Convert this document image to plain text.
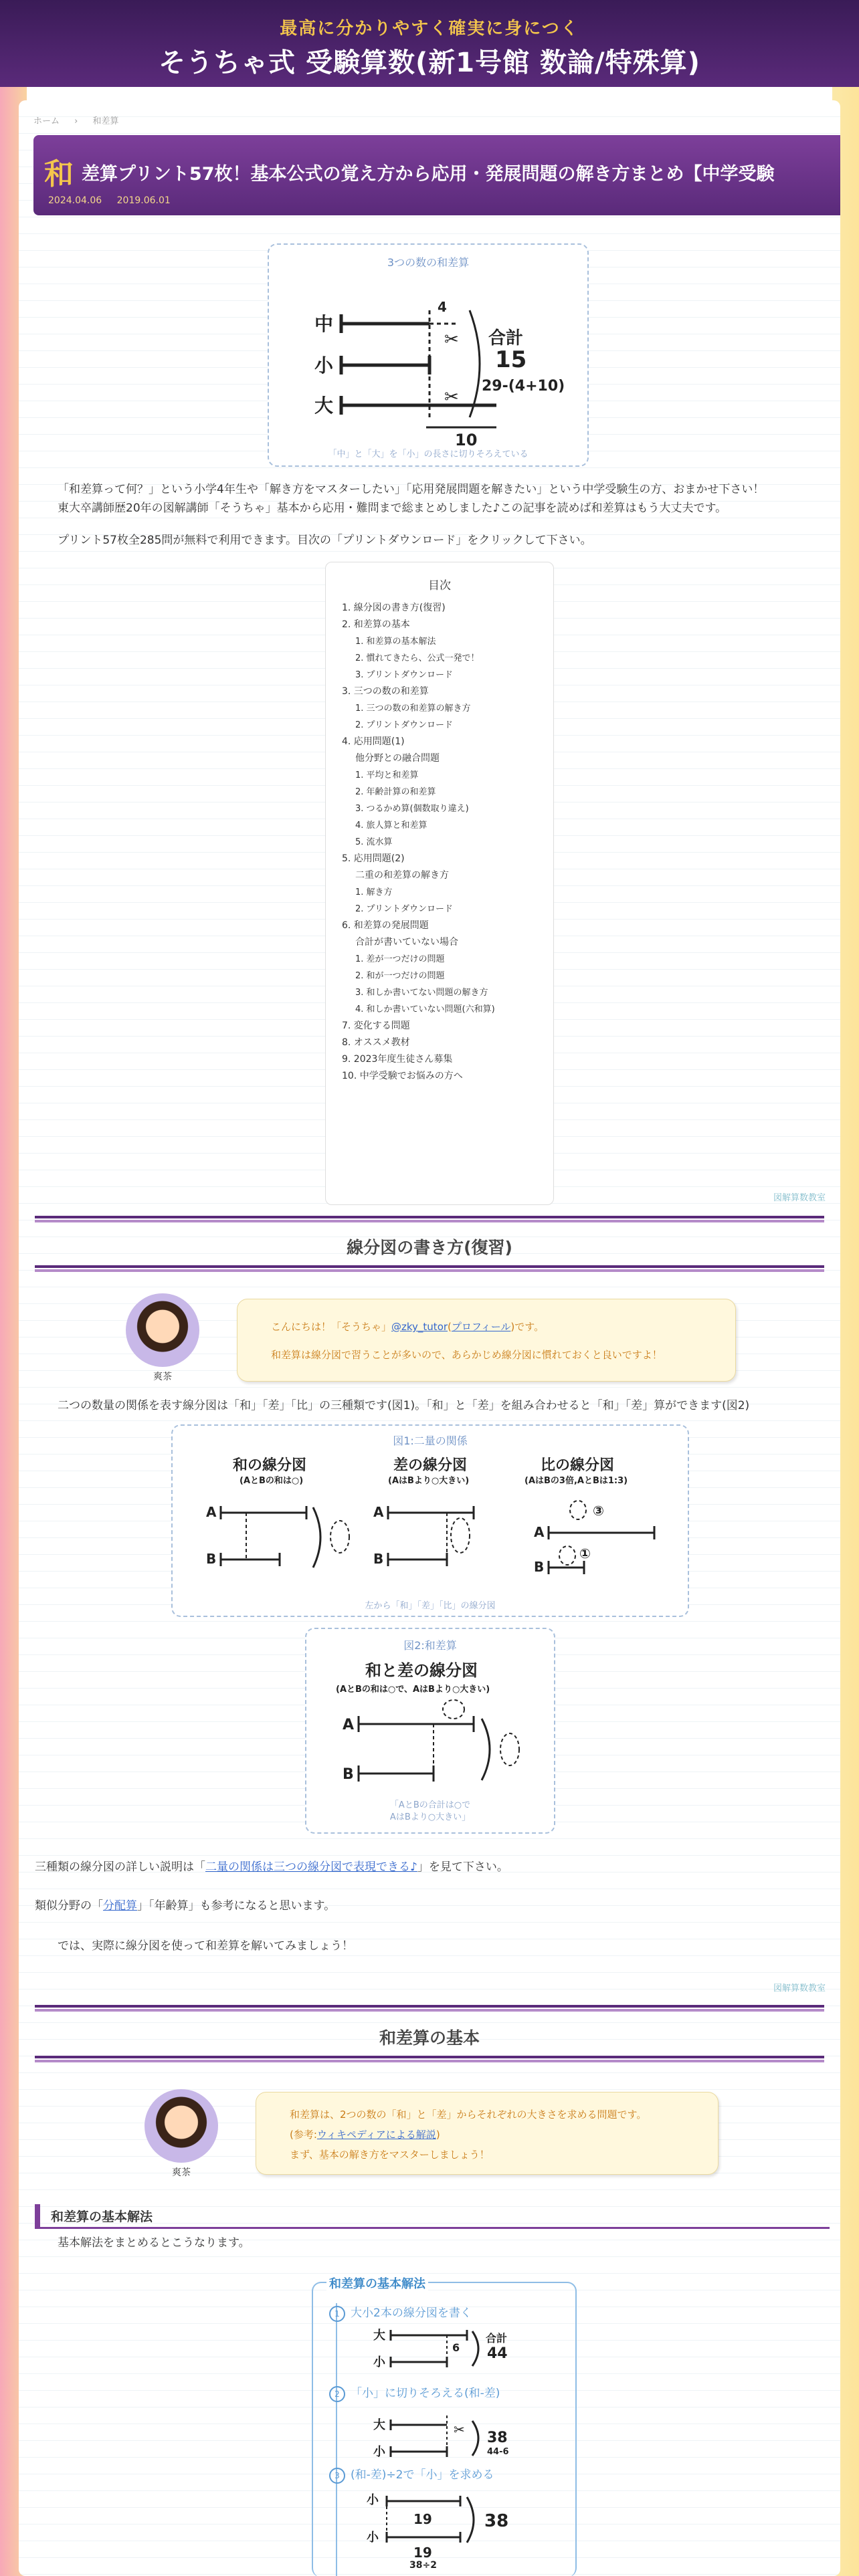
最高に分かりやすく確実に身につく
そうちゃ式 受験算数(新1号館 数論/特殊算)
ホーム › 和差算
和 差算プリント57枚！基本公式の覚え方から応用・発展問題の解き方まとめ【中学受験
2024.04.06 2019.06.01
3つの数の和差算
中
小
大
合計
15
29-(4+10)
4
10
✂
✂
「中」と「大」を「小」の長さに切りそろえている
「和差算って何？」という小学4年生や「解き方をマスターしたい」「応用発展問題を解きたい」という中学受験生の方、おまかせ下さい！
東大卒講師歴20年の図解講師「そうちゃ」基本から応用・難問まで総まとめしました♪この記事を読めば和差算はもう大丈夫です。
プリント57枚全285問が無料で利用できます。目次の「プリントダウンロード」をクリックして下さい。
目次
1. 線分図の書き方(復習)
2. 和差算の基本
1. 和差算の基本解法
2. 慣れてきたら、公式一発で！
3. プリントダウンロード
3. 三つの数の和差算
1. 三つの数の和差算の解き方
2. プリントダウンロード
4. 応用問題(1)
他分野との融合問題
1. 平均と和差算
2. 年齢計算の和差算
3. つるかめ算(個数取り違え)
4. 旅人算と和差算
5. 流水算
5. 応用問題(2)
二重の和差算の解き方
1. 解き方
2. プリントダウンロード
6. 和差算の発展問題
合計が書いていない場合
1. 差が一つだけの問題
2. 和が一つだけの問題
3. 和しか書いてない問題の解き方
4. 和しか書いていない問題(六和算)
7. 変化する問題
8. オススメ教材
9. 2023年度生徒さん募集
10. 中学受験でお悩みの方へ
図解算数教室
線分図の書き方(復習)
爽茶

こんにちは！「そうちゃ」@zky_tutor(プロフィール)です。

和差算は線分図で習うことが多いので、あらかじめ線分図に慣れておくと良いですよ！

二つの数量の関係を表す線分図は「和」「差」「比」の三種類です(図1)。「和」と「差」を組み合わせると「和」「差」算ができます(図2)
図1:二量の関係
和の線分図
(AとBの和は○)
差の線分図
(AはBより○大きい)
比の線分図
(AはBの3倍,AとBは1:3)
A
B
A
B
A
B
③
①
左から「和」「差」「比」の線分図
図2:和差算
和と差の線分図
(AとBの和は○で、AはBより○大きい)
A
B
「AとBの合計は○で
AはBより○大きい」
三種類の線分図の詳しい説明は「二量の関係は三つの線分図で表現できる♪」を見て下さい。
類似分野の「分配算」「年齢算」も参考になると思います。
では、実際に線分図を使って和差算を解いてみましょう！
図解算数教室
和差算の基本
爽茶

和差算は、2つの数の「和」と「差」からそれぞれの大きさを求める問題です。

(参考:ウィキペディアによる解説)

まず、基本の解き方をマスターしましょう！

和差算の基本解法
基本解法をまとめるとこうなります。
和差算の基本解法
1 大小2本の線分図を書く
大
小
6
合計
44
2 「小」に切りそろえる(和-差)
大
小
✂ 38
44-6
3 (和-差)÷2で「小」を求める
小
小
19
19
38÷2
38
